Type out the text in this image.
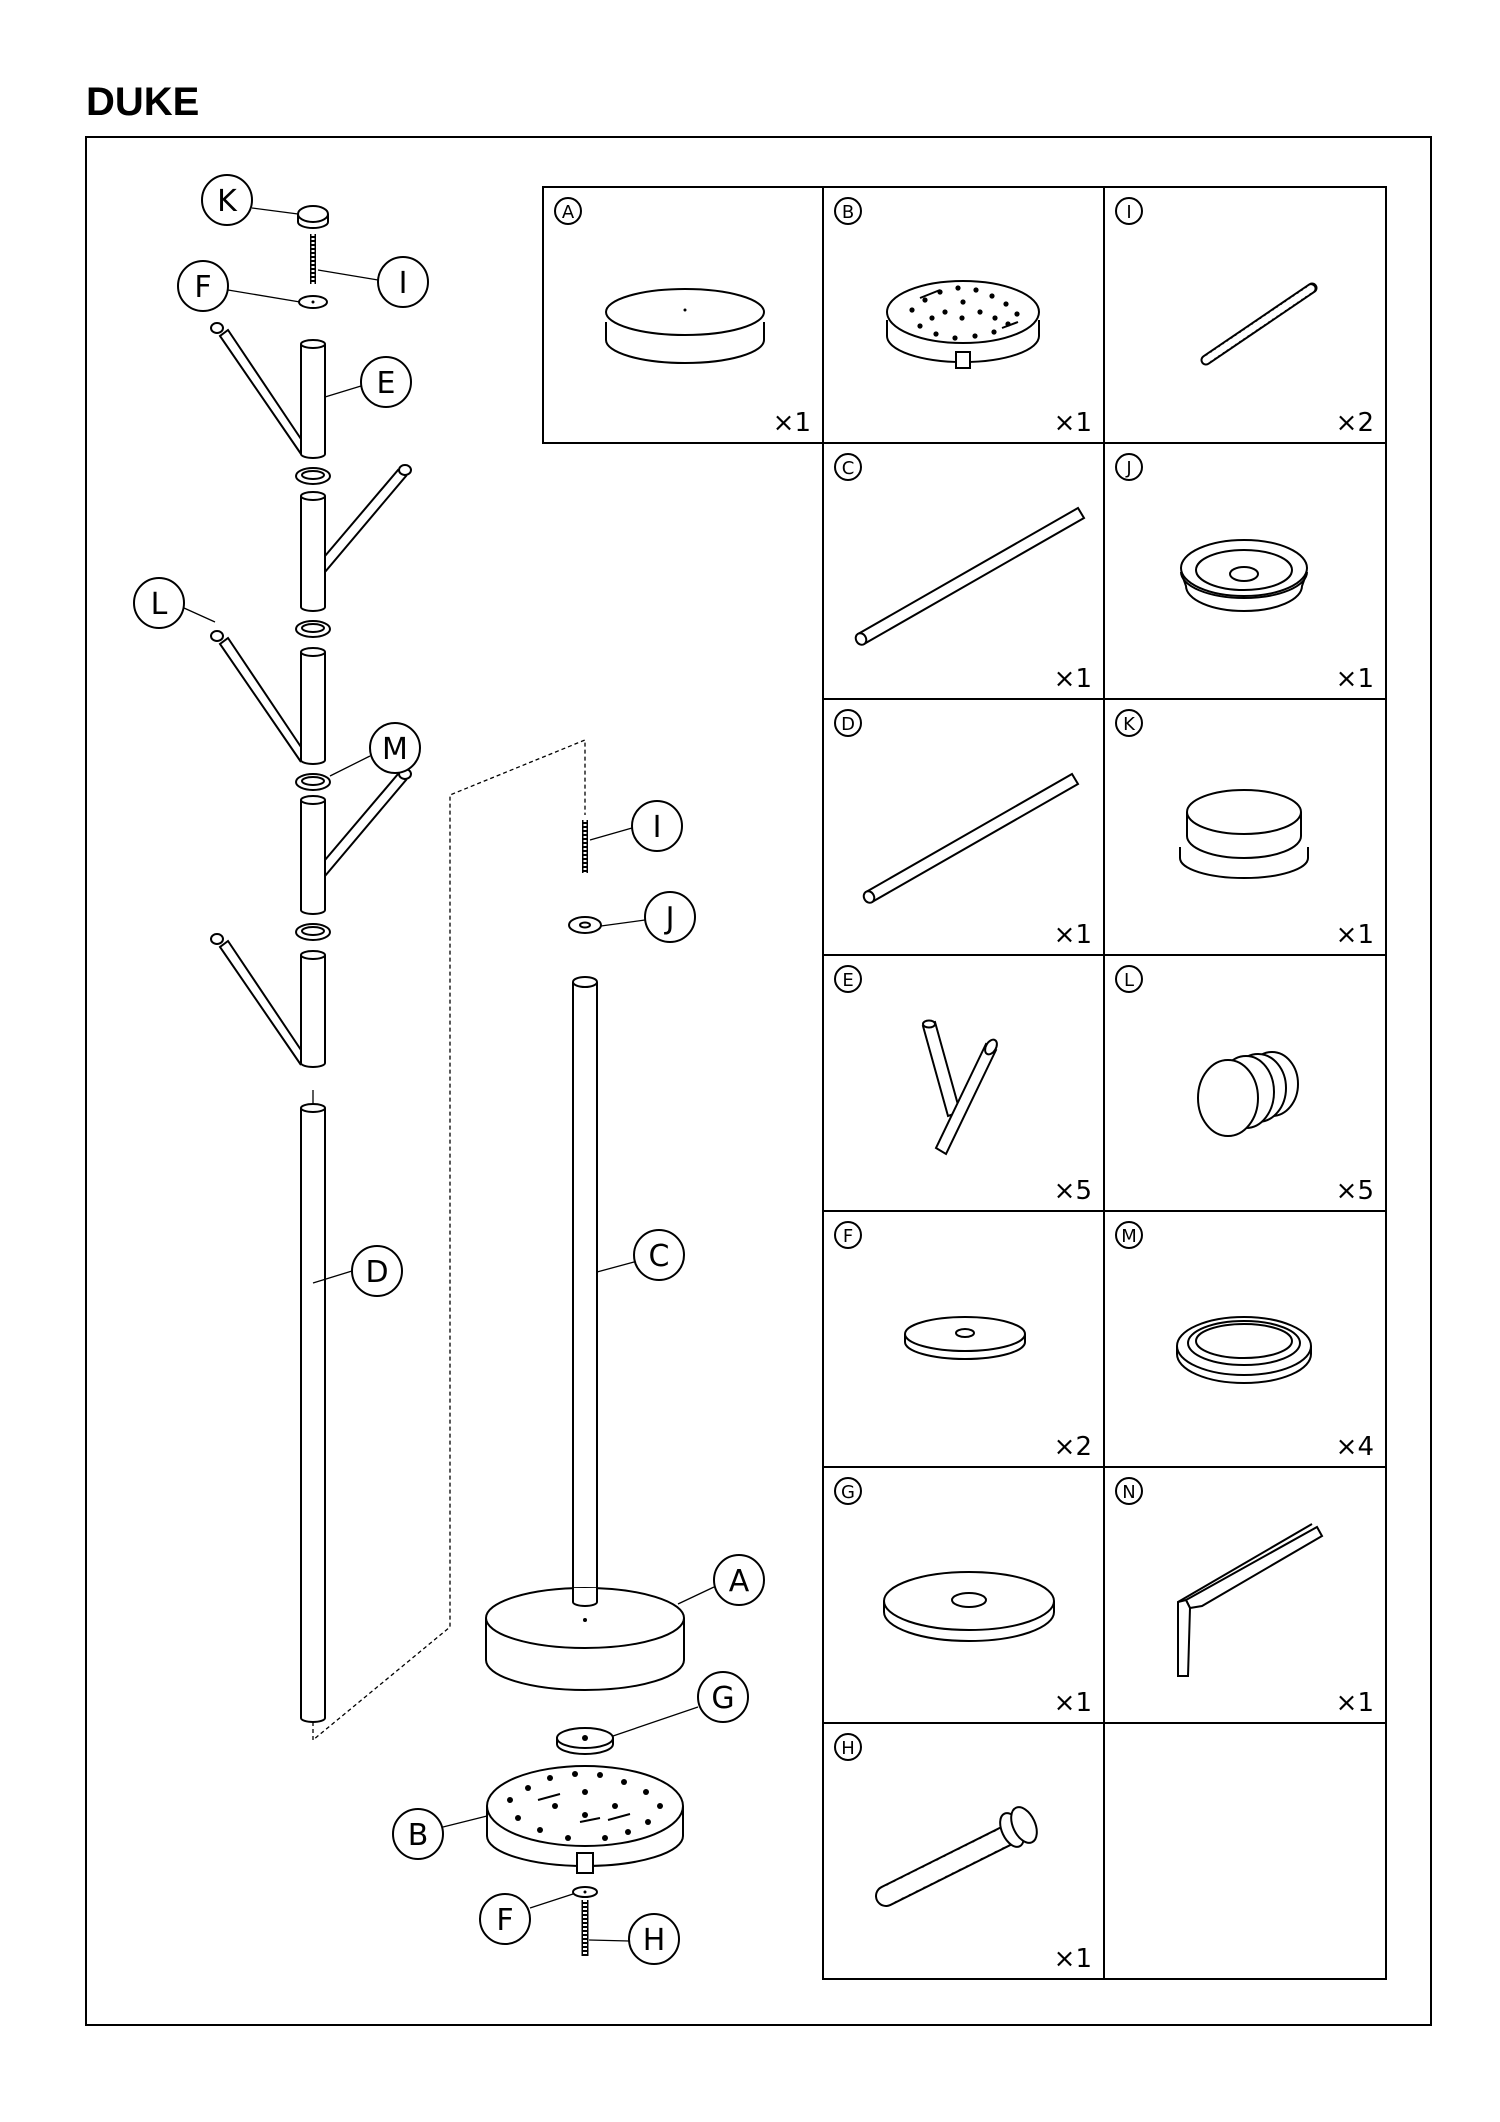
DUKE
A
×1
B
×1
I
×2
C
×1
J
×1
D
×1
K
×1
E
×5
L
×5
F
×2
M
×4
G
×1
N
×1
H
×1
K
F	I
E
L
M
D
I
J
C
A
G
B
F
H
